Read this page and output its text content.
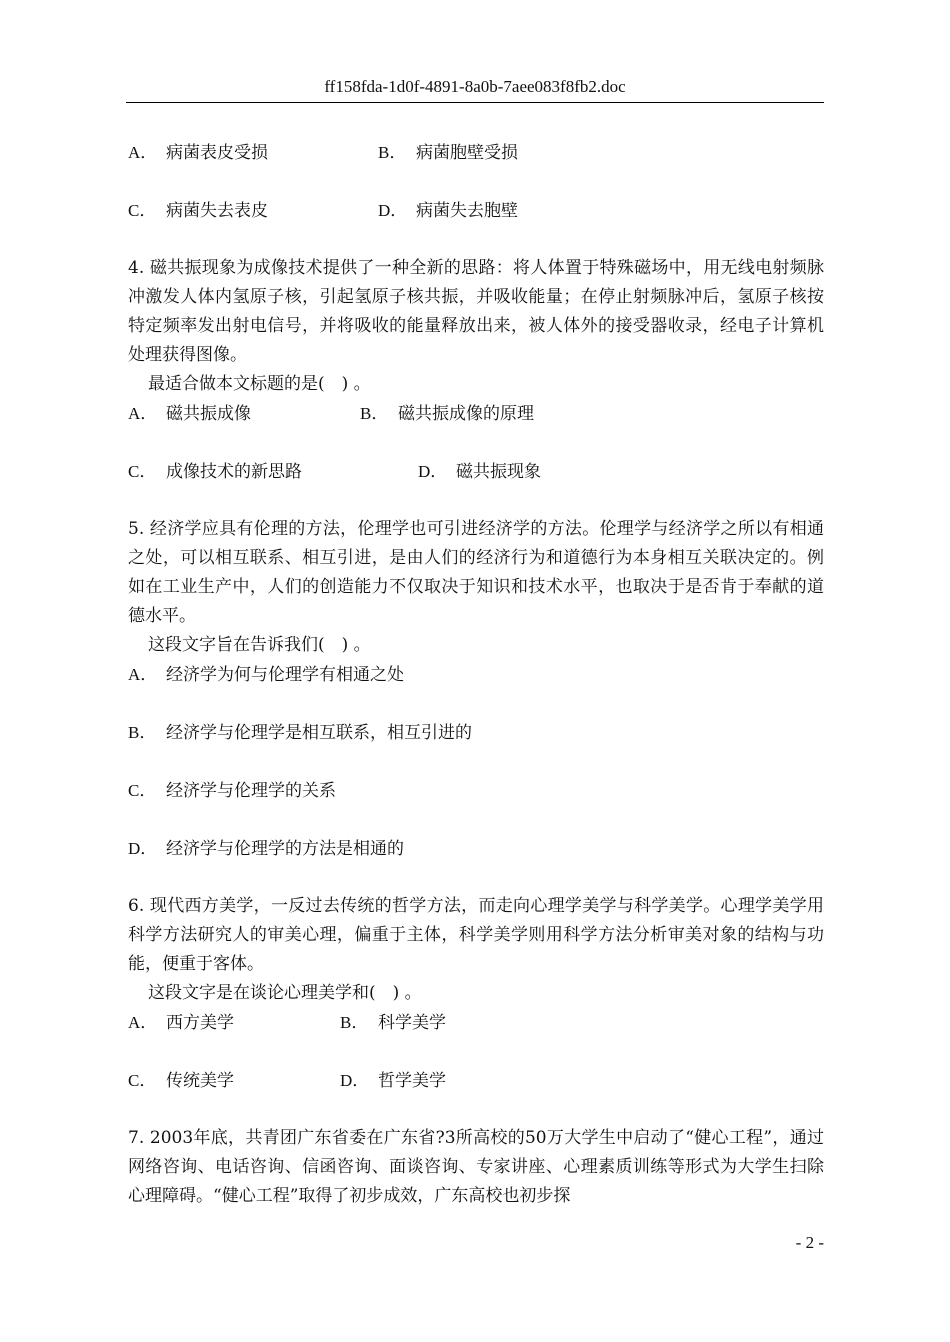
ff158fda-1d0f-4891-8a0b-7aee083f8fb2.doc
A． 病菌表皮受损	B． 病菌胞壁受损
C． 病菌失去表皮	D． 病菌失去胞壁

4. 磁共振现象为成像技术提供了一种全新的思路：将人体置于特殊磁场中，用无线电射频脉冲激发人体内氢原子核，引起氢原子核共振，并吸收能量；在停止射频脉冲后，氢原子核按特定频率发出射电信号，并将吸收的能量释放出来，被人体外的接受器收录，经电子计算机处理获得图像。

最适合做本文标题的是(　) 。

A． 磁共振成像	B． 磁共振成像的原理
C． 成像技术的新思路	D． 磁共振现象

5. 经济学应具有伦理的方法，伦理学也可引进经济学的方法。伦理学与经济学之所以有相通之处，可以相互联系、相互引进，是由人们的经济行为和道德行为本身相互关联决定的。例如在工业生产中，人们的创造能力不仅取决于知识和技术水平，也取决于是否肯于奉献的道德水平。

这段文字旨在告诉我们(　) 。

A． 经济学为何与伦理学有相通之处
B． 经济学与伦理学是相互联系，相互引进的
C． 经济学与伦理学的关系
D． 经济学与伦理学的方法是相通的

6. 现代西方美学，一反过去传统的哲学方法，而走向心理学美学与科学美学。心理学美学用科学方法研究人的审美心理，偏重于主体，科学美学则用科学方法分析审美对象的结构与功能，便重于客体。

这段文字是在谈论心理美学和(　) 。

A． 西方美学	B． 科学美学
C． 传统美学	D． 哲学美学

7. 2003年底，共青团广东省委在广东省?3所高校的50万大学生中启动了“健心工程”，通过网络咨询、电话咨询、信函咨询、面谈咨询、专家讲座、心理素质训练等形式为大学生扫除心理障碍。“健心工程”取得了初步成效，广东高校也初步探

- 2 -
